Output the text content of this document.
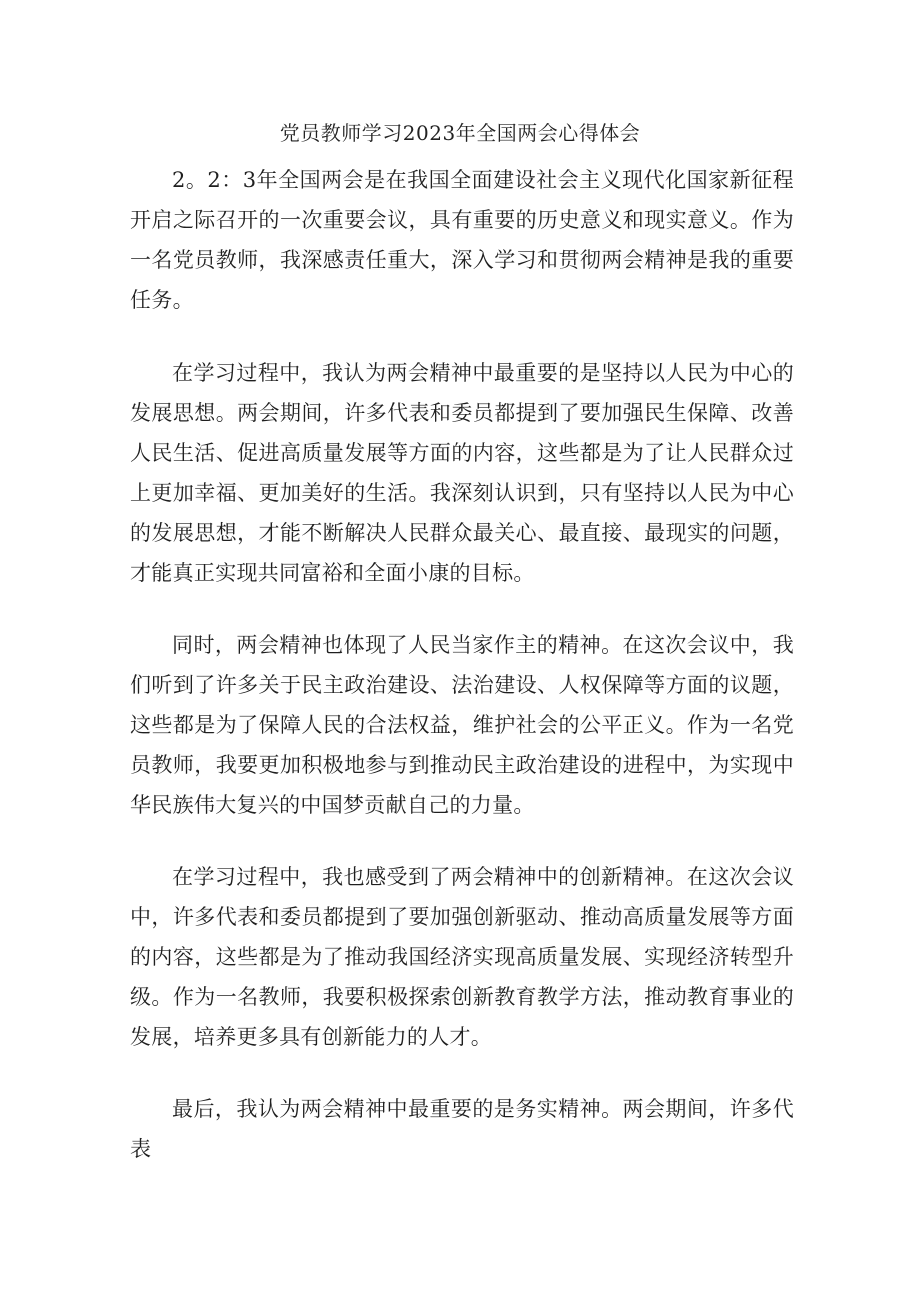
党员教师学习2023年全国两会心得体会

2。2：3年全国两会是在我国全面建设社会主义现代化国家新征程开启之际召开的一次重要会议，具有重要的历史意义和现实意义。作为一名党员教师，我深感责任重大，深入学习和贯彻两会精神是我的重要任务。

在学习过程中，我认为两会精神中最重要的是坚持以人民为中心的发展思想。两会期间，许多代表和委员都提到了要加强民生保障、改善人民生活、促进高质量发展等方面的内容，这些都是为了让人民群众过上更加幸福、更加美好的生活。我深刻认识到，只有坚持以人民为中心的发展思想，才能不断解决人民群众最关心、最直接、最现实的问题，才能真正实现共同富裕和全面小康的目标。

同时，两会精神也体现了人民当家作主的精神。在这次会议中，我们听到了许多关于民主政治建设、法治建设、人权保障等方面的议题，这些都是为了保障人民的合法权益，维护社会的公平正义。作为一名党员教师，我要更加积极地参与到推动民主政治建设的进程中，为实现中华民族伟大复兴的中国梦贡献自己的力量。

在学习过程中，我也感受到了两会精神中的创新精神。在这次会议中，许多代表和委员都提到了要加强创新驱动、推动高质量发展等方面的内容，这些都是为了推动我国经济实现高质量发展、实现经济转型升级。作为一名教师，我要积极探索创新教育教学方法，推动教育事业的发展，培养更多具有创新能力的人才。

最后，我认为两会精神中最重要的是务实精神。两会期间，许多代表
